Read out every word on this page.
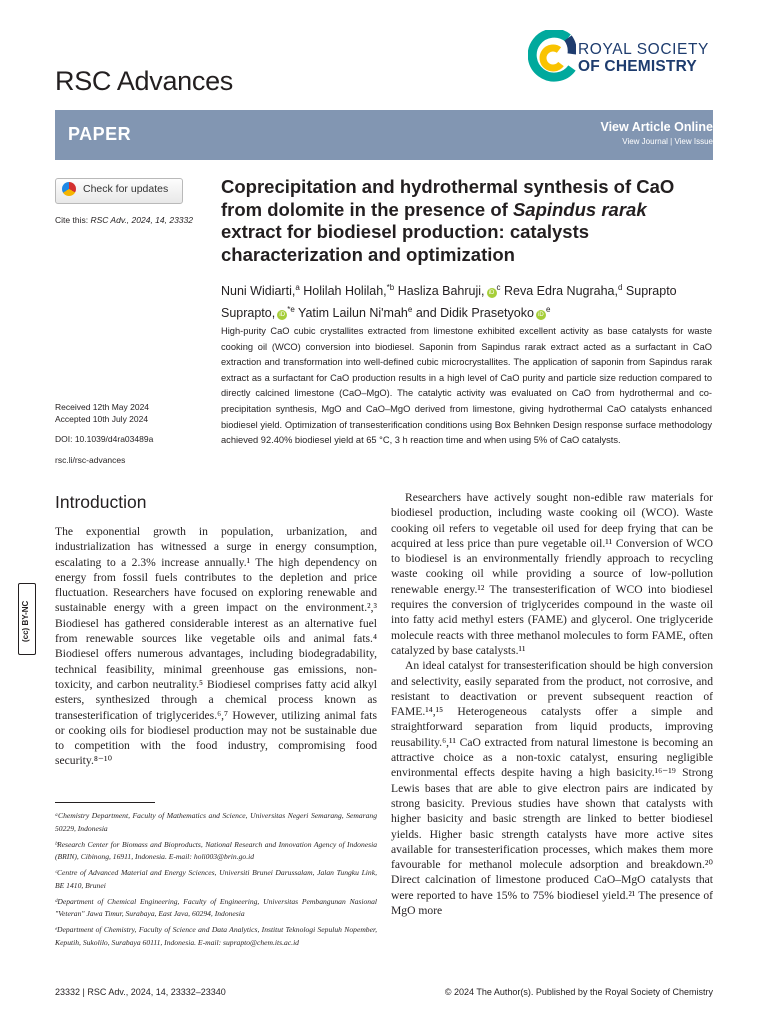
RSC Advances
ROYAL SOCIETY
OF CHEMISTRY
PAPER	View Article Online
View Journal | View Issue
Check for updates
Cite this: RSC Adv., 2024, 14, 23332
Received 12th May 2024
Accepted 10th July 2024
DOI: 10.1039/d4ra03489a
rsc.li/rsc-advances
Coprecipitation and hydrothermal synthesis of CaO from dolomite in the presence of Sapindus rarak extract for biodiesel production: catalysts characterization and optimization
Nuni Widiarti,$^a$ Holilah Holilah,$^{*b}$ Hasliza Bahruji, $iD^c$ Reva Edra Nugraha,$^d$ Suprapto Suprapto, $iD^{*e}$ Yatim Lailun Ni'mah$^e$ and Didik Prasetyoko $iD^e$
High-purity CaO cubic crystallites extracted from limestone exhibited excellent activity as base catalysts for waste cooking oil (WCO) conversion into biodiesel. Saponin from Sapindus rarak extract acted as a surfactant in CaO extraction and transformation into well-defined cubic microcrystallites. The application of saponin from Sapindus rarak extract as a surfactant for CaO production results in a high level of CaO purity and particle size reduction compared to directly calcined limestone (CaO–MgO). The catalytic activity was evaluated on CaO from hydrothermal and co-precipitation synthesis, MgO and CaO–MgO derived from limestone, giving hydrothermal CaO catalysts enhanced biodiesel yield. Optimization of transesterification conditions using Box Behnken Design response surface methodology achieved 92.40% biodiesel yield at 65 °C, 3 h reaction time and when using 5% of CaO catalysts.
Introduction

The exponential growth in population, urbanization, and industrialization has witnessed a surge in energy consumption, escalating to a 2.3% increase annually.¹ The high dependency on energy from fossil fuels contributes to the depletion and price fluctuation. Researchers have focused on exploring renewable and sustainable energy with a green impact on the environment.²,³ Biodiesel has gathered considerable interest as an alternative fuel from renewable sources like vegetable oils and animal fats.⁴ Biodiesel offers numerous advantages, including biodegradability, technical feasibility, minimal greenhouse gas emissions, non-toxicity, and carbon neutrality.⁵ Biodiesel comprises fatty acid alkyl esters, synthesized through a chemical process known as transesterification of triglycerides.⁶,⁷ However, utilizing animal fats or cooking oils for biodiesel production may not be sustainable due to competition with the food industry, compromising food security.⁸⁻¹⁰

Researchers have actively sought non-edible raw materials for biodiesel production, including waste cooking oil (WCO). Waste cooking oil refers to vegetable oil used for deep frying that can be acquired at less price than pure vegetable oil.¹¹ Conversion of WCO to biodiesel is an environmentally friendly approach to recycling waste cooking oil while providing a source of low-pollution renewable energy.¹² The transesterification of WCO into biodiesel requires the conversion of triglycerides compound in the waste oil into fatty acid methyl esters (FAME) and glycerol. One triglyceride molecule reacts with three methanol molecules to form FAME, often catalyzed by base catalysts.¹¹

An ideal catalyst for transesterification should be high conversion and selectivity, easily separated from the product, not corrosive, and resistant to deactivation or prevent subsequent reaction of FAME.¹⁴,¹⁵ Heterogeneous catalysts offer a simple and straightforward separation from liquid products, improving reusability.⁶,¹¹ CaO extracted from natural limestone is becoming an attractive choice as a non-toxic catalyst, ensuring negligible environmental effects despite having a high basicity.¹⁶⁻¹⁹ Strong Lewis bases that are able to give electron pairs are indicated by strong basicity. Previous studies have shown that catalysts with higher basicity and basic strength are linked to better biodiesel yields. Higher basic strength catalysts have more active sites available for transesterification processes, which makes them more favourable for methanol molecule adsorption and breakdown.²⁰ Direct calcination of limestone produced CaO–MgO catalysts that were reported to have 15% to 75% biodiesel yield.²¹ The presence of MgO more

ᵃChemistry Department, Faculty of Mathematics and Science, Universitas Negeri Semarang, Semarang 50229, Indonesia

ᵇResearch Center for Biomass and Bioproducts, National Research and Innovation Agency of Indonesia (BRIN), Cibinong, 16911, Indonesia. E-mail: holi003@brin.go.id

ᶜCentre of Advanced Material and Energy Sciences, Universiti Brunei Darussalam, Jalan Tungku Link, BE 1410, Brunei

ᵈDepartment of Chemical Engineering, Faculty of Engineering, Universitas Pembangunan Nasional "Veteran" Jawa Timur, Surabaya, East Java, 60294, Indonesia

ᵉDepartment of Chemistry, Faculty of Science and Data Analytics, Institut Teknologi Sepuluh Nopember, Keputih, Sukolilo, Surabaya 60111, Indonesia. E-mail: suprapto@chem.its.ac.id

(cc) BY-NC
23332 | RSC Adv., 2024, 14, 23332–23340	© 2024 The Author(s). Published by the Royal Society of Chemistry
